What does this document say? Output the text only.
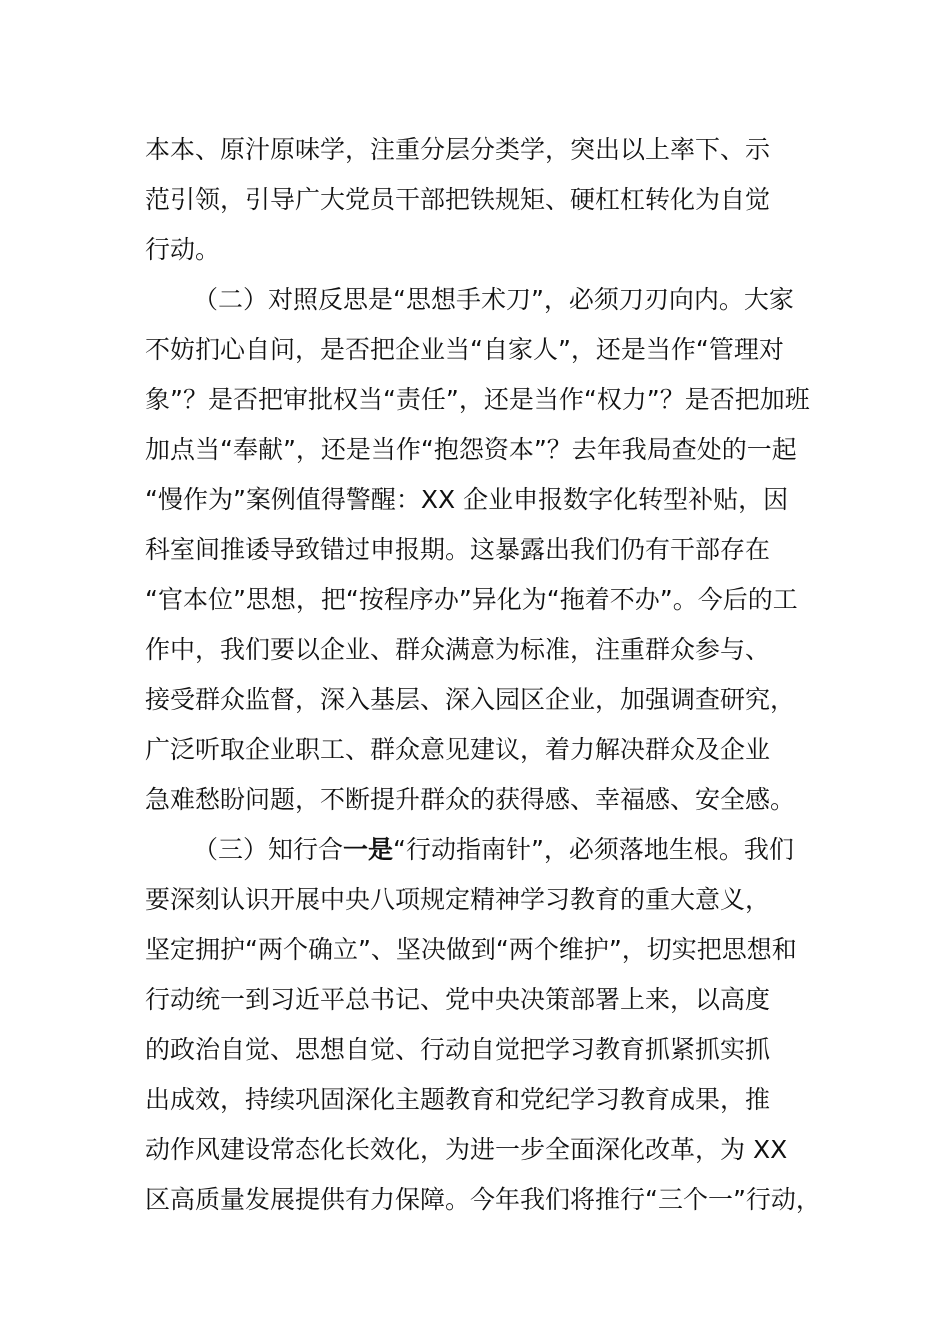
本本、原汁原味学，注重分层分类学，突出以上率下、示
范引领，引导广大党员干部把铁规矩、硬杠杠转化为自觉
行动。
（二）对照反思是“思想手术刀”，必须刀刃向内。大家
不妨扪心自问，是否把企业当“自家人”，还是当作“管理对
象”？是否把审批权当“责任”，还是当作“权力”？是否把加班
加点当“奉献”，还是当作“抱怨资本”？去年我局查处的一起
“慢作为”案例值得警醒：XX 企业申报数字化转型补贴，因
科室间推诿导致错过申报期。这暴露出我们仍有干部存在
“官本位”思想，把“按程序办”异化为“拖着不办”。今后的工
作中，我们要以企业、群众满意为标准，注重群众参与、
接受群众监督，深入基层、深入园区企业，加强调查研究，
广泛听取企业职工、群众意见建议，着力解决群众及企业
急难愁盼问题，不断提升群众的获得感、幸福感、安全感。
（三）知行合一是“行动指南针”，必须落地生根。我们
要深刻认识开展中央八项规定精神学习教育的重大意义，
坚定拥护“两个确立”、坚决做到“两个维护”，切实把思想和
行动统一到习近平总书记、党中央决策部署上来，以高度
的政治自觉、思想自觉、行动自觉把学习教育抓紧抓实抓
出成效，持续巩固深化主题教育和党纪学习教育成果，推
动作风建设常态化长效化，为进一步全面深化改革，为 XX
区高质量发展提供有力保障。今年我们将推行“三个一”行动，
